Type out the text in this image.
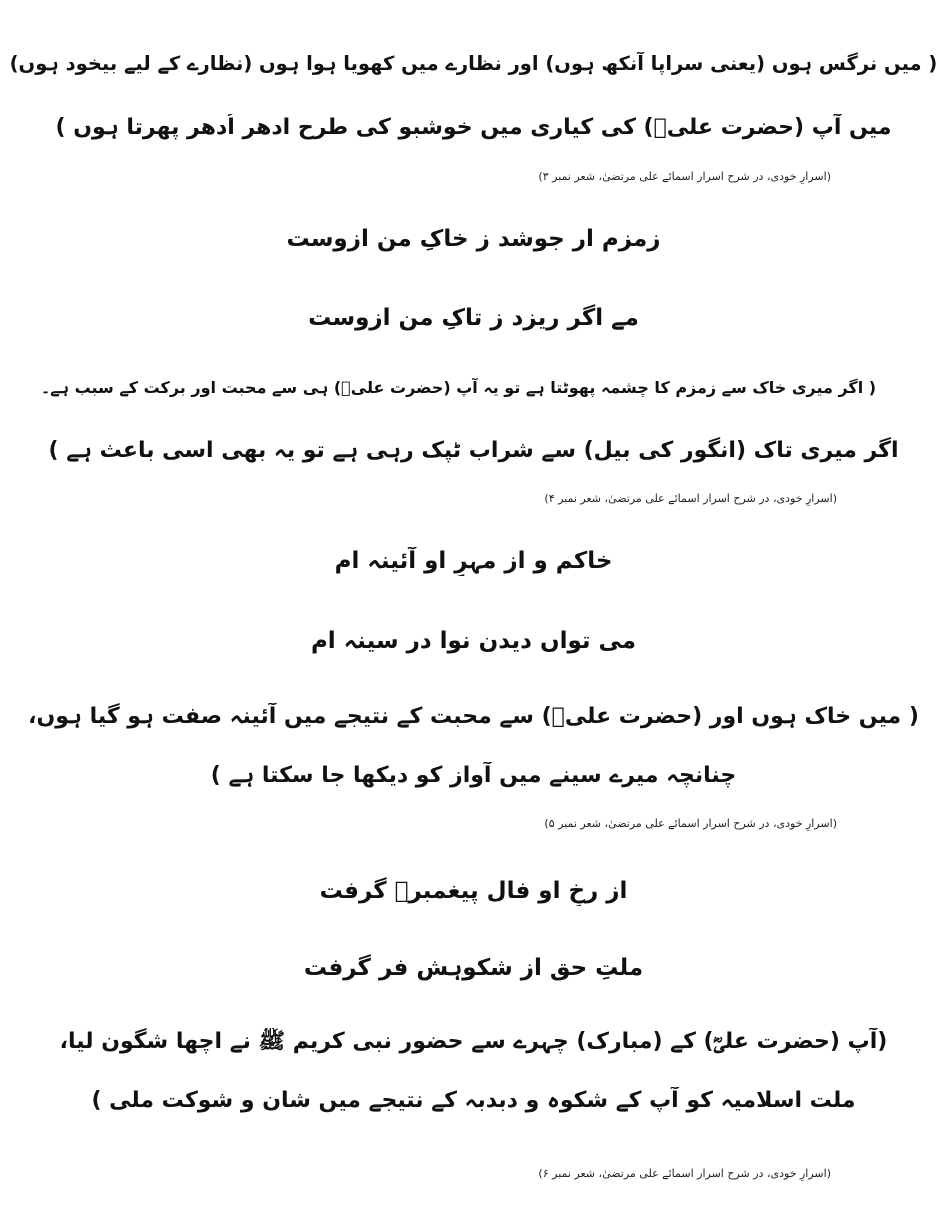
( میں نرگس ہوں (یعنی سراپا آنکھ ہوں) اور نظارے میں کھویا ہوا ہوں (نظارے کے لیے بیخود ہوں)
میں آپ (حضرت علیؓ) کی کیاری میں خوشبو کی طرح ادھر اُدھر پھرتا ہوں )
(اسرارِ خودی، در شرح اسرار اسمائے علی مرتضیٰ، شعر نمبر ۳)
زمزم ار جوشد ز خاکِ من ازوست
مے اگر ریزد ز تاکِ من ازوست
( اگر میری خاک سے زمزم کا چشمہ پھوٹتا ہے تو یہ آپ (حضرت علیؓ) ہی سے محبت اور برکت کے سبب ہے۔
اگر میری تاک (انگور کی بیل) سے شراب ٹپک رہی ہے تو یہ بھی اسی باعث ہے )
(اسرارِ خودی، در شرح اسرار اسمائے علی مرتضیٰ، شعر نمبر ۴)
خاکم و از مہرِ او آئینہ ام
می تواں دیدن نوا در سینہ ام
( میں خاک ہوں اور (حضرت علیؓ) سے محبت کے نتیجے میں آئینہ صفت ہو گیا ہوں،
چنانچہ میرے سینے میں آواز کو دیکھا جا سکتا ہے )
(اسرارِ خودی، در شرح اسرار اسمائے علی مرتضیٰ، شعر نمبر ۵)
از رخِ او فال پیغمبرؐ گرفت
ملتِ حق از شکوہش فر گرفت
(آپ (حضرت علیؓ) کے (مبارک) چہرے سے حضور نبی کریم ﷺ نے اچھا شگون لیا،
ملت اسلامیہ کو آپ کے شکوہ و دبدبہ کے نتیجے میں شان و شوکت ملی )
(اسرارِ خودی، در شرح اسرار اسمائے علی مرتضیٰ، شعر نمبر ۶)
